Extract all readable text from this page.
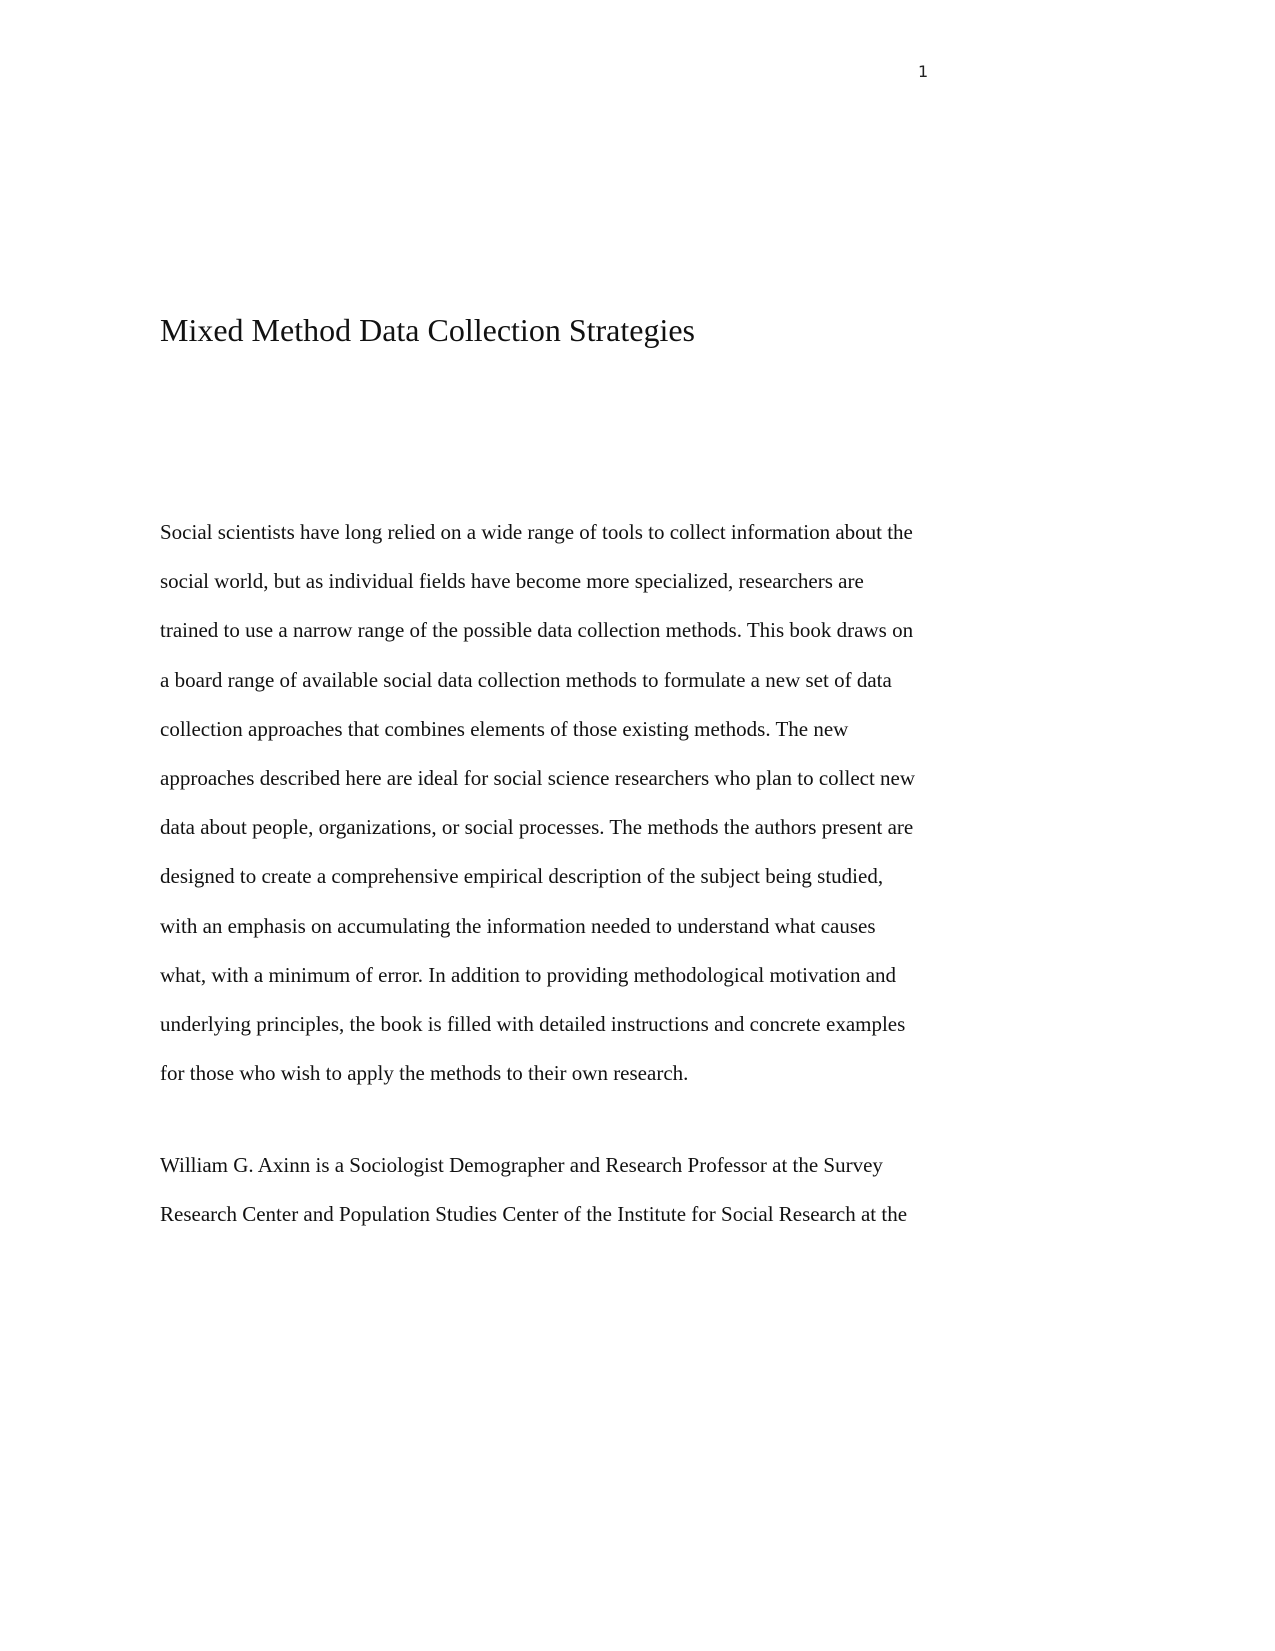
1
Mixed Method Data Collection Strategies

Social scientists have long relied on a wide range of tools to collect information about the
social world, but as individual fields have become more specialized, researchers are
trained to use a narrow range of the possible data collection methods. This book draws on
a board range of available social data collection methods to formulate a new set of data
collection approaches that combines elements of those existing methods. The new
approaches described here are ideal for social science researchers who plan to collect new
data about people, organizations, or social processes. The methods the authors present are
designed to create a comprehensive empirical description of the subject being studied,
with an emphasis on accumulating the information needed to understand what causes
what, with a minimum of error. In addition to providing methodological motivation and
underlying principles, the book is filled with detailed instructions and concrete examples
for those who wish to apply the methods to their own research.

William G. Axinn is a Sociologist Demographer and Research Professor at the Survey
Research Center and Population Studies Center of the Institute for Social Research at the
